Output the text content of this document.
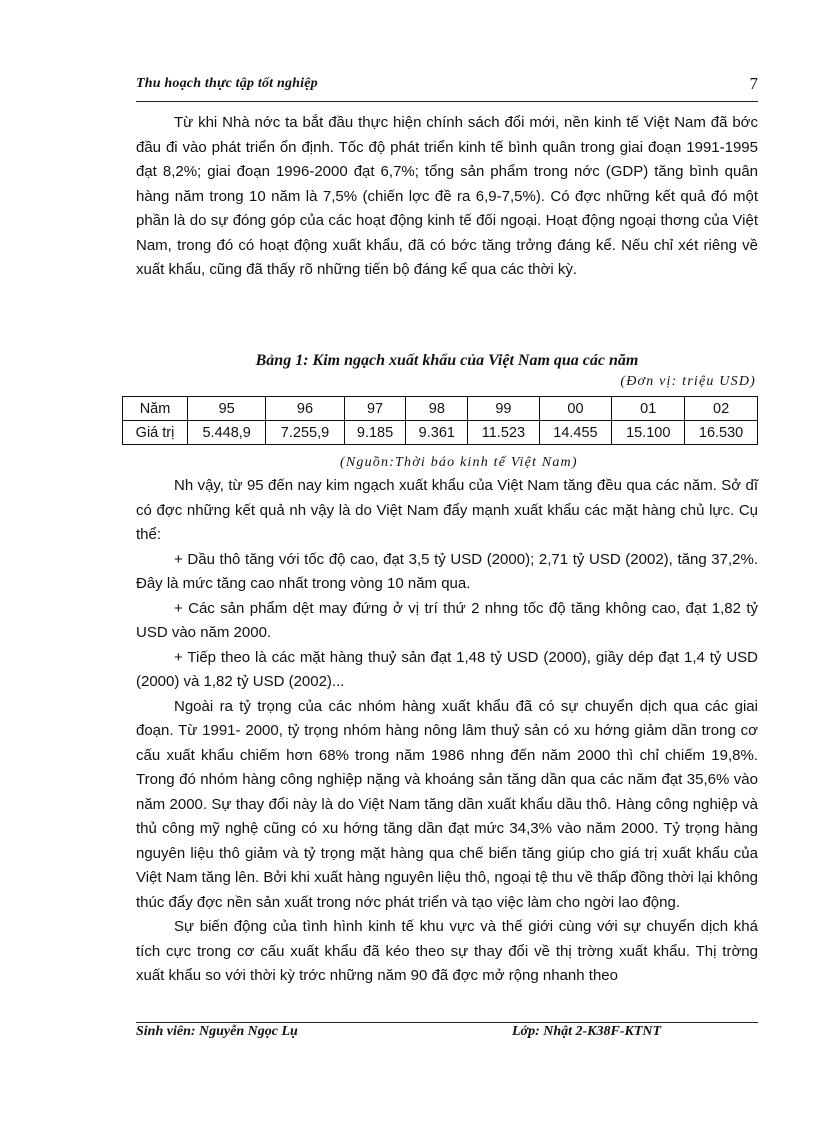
Thu hoạch thực tập tốt nghiệp	7

Từ khi Nhà nớc ta bắt đầu thực hiện chính sách đổi mới, nền kinh tế Việt Nam đã bớc đầu đi vào phát triển ổn định. Tốc độ phát triển kinh tế bình quân trong giai đoạn 1991-1995 đạt 8,2%; giai đoạn 1996-2000 đạt 6,7%; tổng sản phẩm trong nớc (GDP) tăng bình quân hàng năm trong 10 năm là 7,5% (chiến lợc đề ra 6,9-7,5%). Có đợc những kết quả đó một phần là do sự đóng góp của các hoạt động kinh tế đối ngoại. Hoạt động ngoại thơng của Việt Nam, trong đó có hoạt động xuất khẩu, đã có bớc tăng trởng đáng kể. Nếu chỉ xét riêng về xuất khẩu, cũng đã thấy rõ những tiến bộ đáng kể qua các thời kỳ.

Bảng 1: Kim ngạch xuất khẩu của Việt Nam qua các năm
(Đơn vị: triệu USD)
Năm	95	96	97	98	99	00	01	02
Giá trị	5.448,9	7.255,9	9.185	9.361	11.523	14.455	15.100	16.530
(Nguồn:Thời báo kinh tế Việt Nam)

Nh vậy, từ 95 đến nay kim ngạch xuất khẩu của Việt Nam tăng đều qua các năm. Sở dĩ có đợc những kết quả nh vậy là do Việt Nam đẩy mạnh xuất khẩu các mặt hàng chủ lực. Cụ thể:

+ Dầu thô tăng với tốc độ cao, đạt 3,5 tỷ USD (2000); 2,71 tỷ USD (2002), tăng 37,2%. Đây là mức tăng cao nhất trong vòng 10 năm qua.

+ Các sản phẩm dệt may đứng ở vị trí thứ 2 nhng tốc độ tăng không cao, đạt 1,82 tỷ USD vào năm 2000.

+ Tiếp theo là các mặt hàng thuỷ sản đạt 1,48 tỷ USD (2000), giầy dép đạt 1,4 tỷ USD (2000) và 1,82 tỷ USD (2002)...

Ngoài ra tỷ trọng của các nhóm hàng xuất khẩu đã có sự chuyển dịch qua các giai đoạn. Từ 1991- 2000, tỷ trọng nhóm hàng nông lâm thuỷ sản có xu hớng giảm dần trong cơ cấu xuất khẩu chiếm hơn 68% trong năm 1986 nhng đến năm 2000 thì chỉ chiếm 19,8%. Trong đó nhóm hàng công nghiệp nặng và khoáng sản tăng dần qua các năm đạt 35,6% vào năm 2000. Sự thay đổi này là do Việt Nam tăng dần xuất khẩu dầu thô. Hàng công nghiệp và thủ công mỹ nghệ cũng có xu hớng tăng dần đạt mức 34,3% vào năm 2000. Tỷ trọng hàng nguyên liệu thô giảm và tỷ trọng mặt hàng qua chế biến tăng giúp cho giá trị xuất khẩu của Việt Nam tăng lên. Bởi khi xuất hàng nguyên liệu thô, ngoại tệ thu về thấp đồng thời lại không thúc đẩy đợc nền sản xuất trong nớc phát triển và tạo việc làm cho ngời lao động.

Sự biến động của tình hình kinh tế khu vực và thế giới cùng với sự chuyển dịch khá tích cực trong cơ cấu xuất khẩu đã kéo theo sự thay đổi về thị trờng xuất khẩu. Thị trờng xuất khẩu so với thời kỳ trớc những năm 90 đã đợc mở rộng nhanh theo

Sinh viên: Nguyễn Ngọc Lụ	Lớp: Nhật 2-K38F-KTNT
